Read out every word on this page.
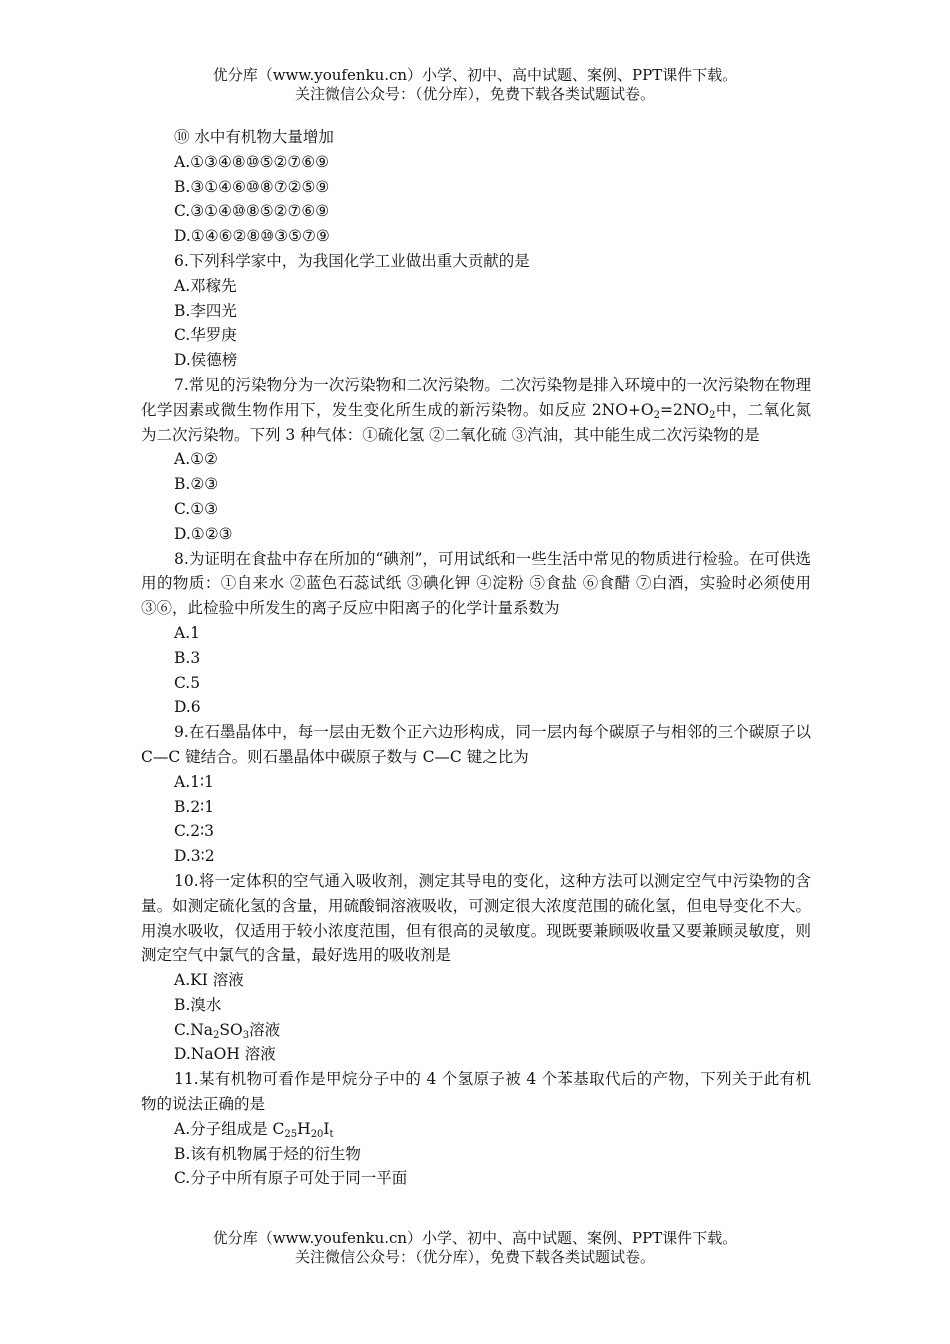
优分库（www.youfenku.cn）小学、初中、高中试题、案例、PPT课件下载。
关注微信公众号：（优分库），免费下载各类试题试卷。

⑩ 水中有机物大量增加

A.①③④⑧⑩⑤②⑦⑥⑨

B.③①④⑥⑩⑧⑦②⑤⑨

C.③①④⑩⑧⑤②⑦⑥⑨

D.①④⑥②⑧⑩③⑤⑦⑨

6.下列科学家中，为我国化学工业做出重大贡献的是

A.邓稼先

B.李四光

C.华罗庚

D.侯德榜

7.常见的污染物分为一次污染物和二次污染物。二次污染物是排入环境中的一次污染物在物理化学因素或微生物作用下，发生变化所生成的新污染物。如反应 $2NO+O_2=2NO_2$中，二氧化氮为二次污染物。下列 3 种气体：①硫化氢 ②二氧化硫 ③汽油，其中能生成二次污染物的是

A.①②

B.②③

C.①③

D.①②③

8.为证明在食盐中存在所加的“碘剂”，可用试纸和一些生活中常见的物质进行检验。在可供选用的物质：①自来水 ②蓝色石蕊试纸 ③碘化钾 ④淀粉 ⑤食盐 ⑥食醋 ⑦白酒，实验时必须使用③⑥，此检验中所发生的离子反应中阳离子的化学计量系数为

A.1

B.3

C.5

D.6

9.在石墨晶体中，每一层由无数个正六边形构成，同一层内每个碳原子与相邻的三个碳原子以 C—C 键结合。则石墨晶体中碳原子数与 C—C 键之比为

A.1∶1

B.2∶1

C.2∶3

D.3∶2

10.将一定体积的空气通入吸收剂，测定其导电的变化，这种方法可以测定空气中污染物的含量。如测定硫化氢的含量，用硫酸铜溶液吸收，可测定很大浓度范围的硫化氢，但电导变化不大。用溴水吸收，仅适用于较小浓度范围，但有很高的灵敏度。现既要兼顾吸收量又要兼顾灵敏度，则测定空气中氯气的含量，最好选用的吸收剂是

A.KI 溶液

B.溴水

$C.Na_2SO_3$溶液

D.NaOH 溶液

11.某有机物可看作是甲烷分子中的 4 个氢原子被 4 个苯基取代后的产物，下列关于此有机物的说法正确的是

A.分子组成是 $C_{25}H_{20}I_t$

B.该有机物属于烃的衍生物

C.分子中所有原子可处于同一平面

优分库（www.youfenku.cn）小学、初中、高中试题、案例、PPT课件下载。
关注微信公众号：（优分库），免费下载各类试题试卷。
